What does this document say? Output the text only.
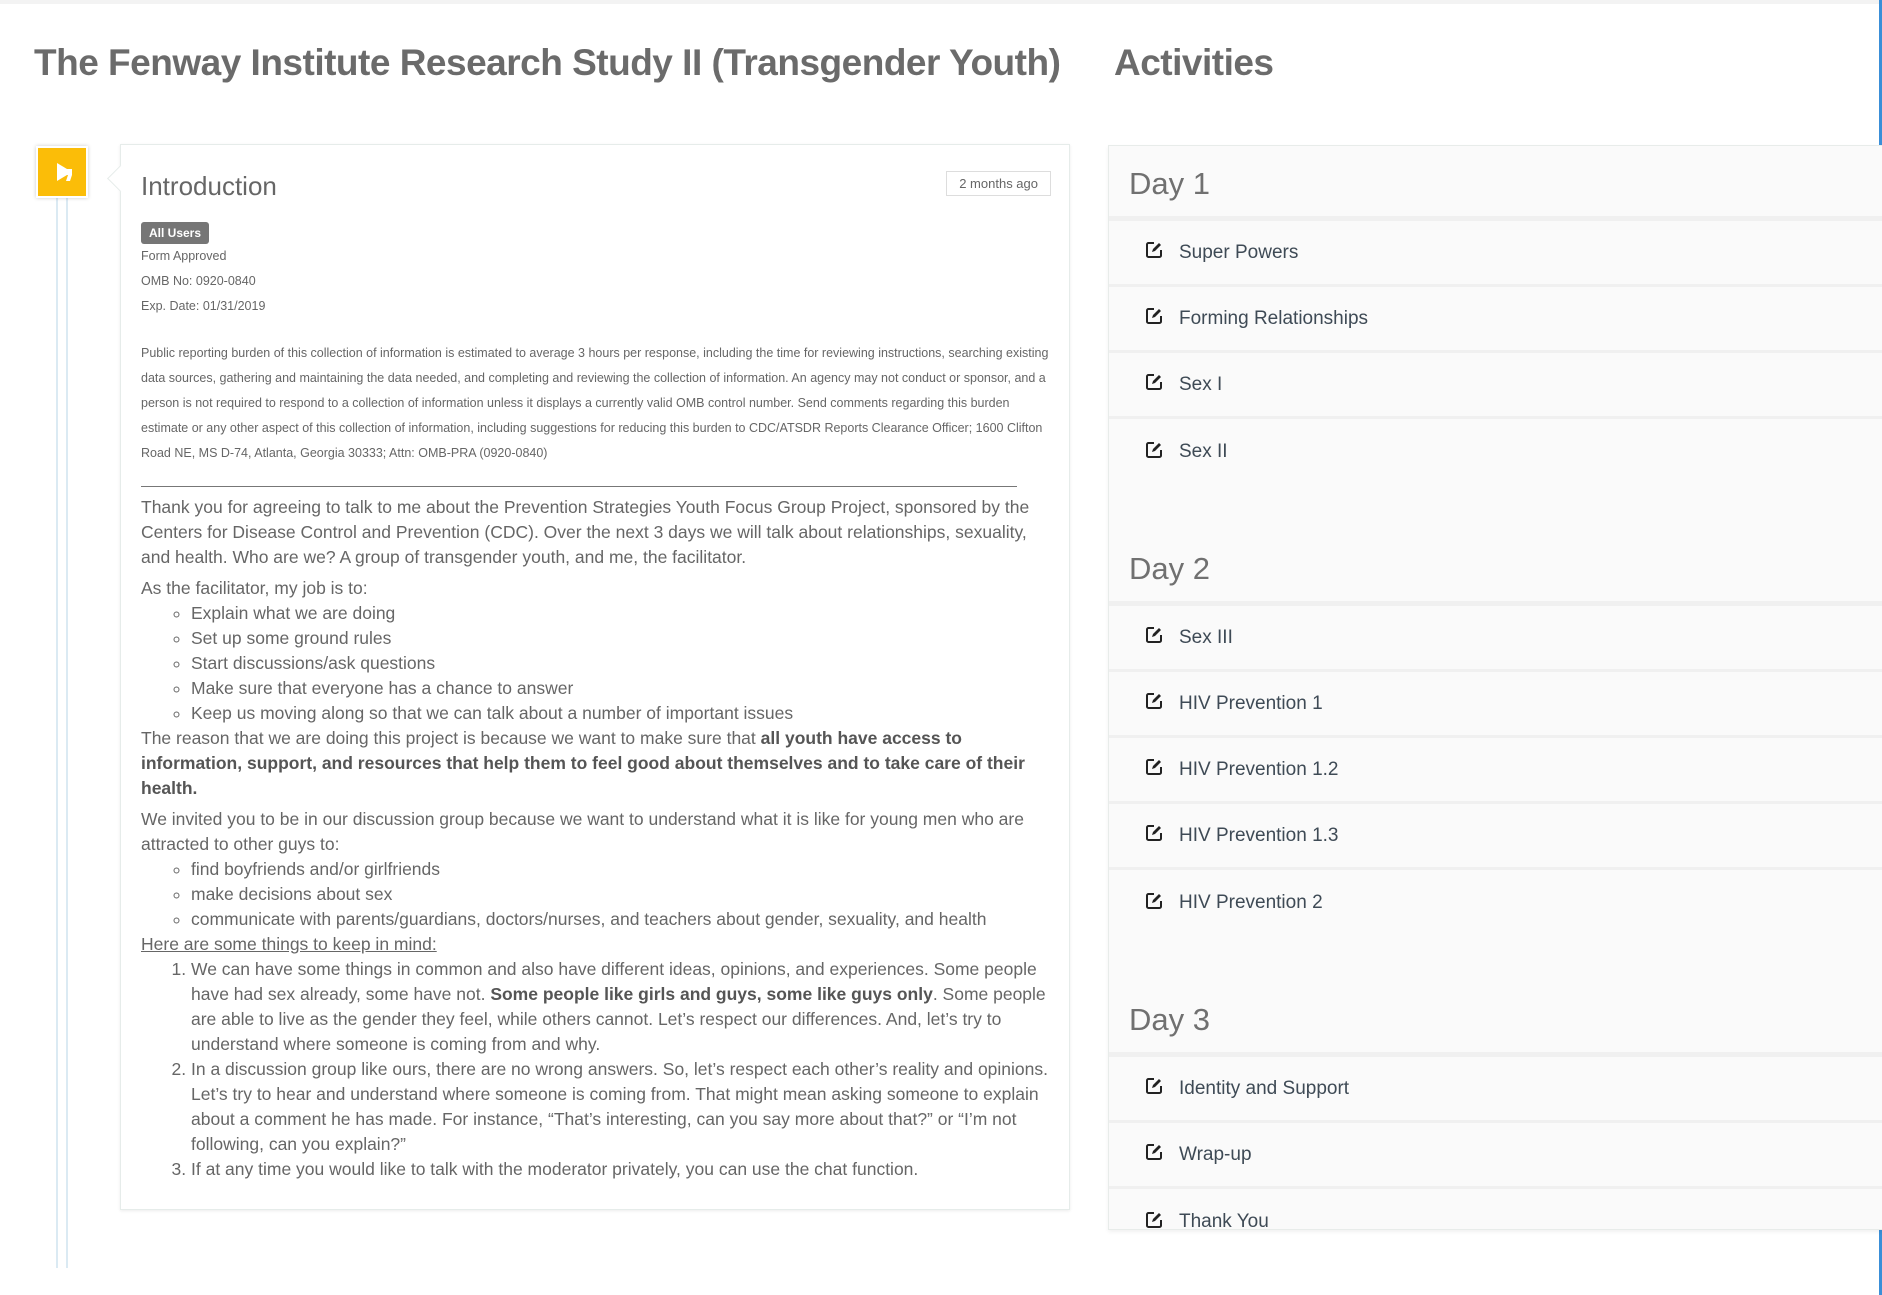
The Fenway Institute Research Study II (Transgender Youth) Activities
Introduction	2 months ago
All Users
Form Approved
OMB No: 0920-0840
Exp. Date: 01/31/2019

Public reporting burden of this collection of information is estimated to average 3 hours per response, including the time for reviewing instructions, searching existing data sources, gathering and maintaining the data needed, and completing and reviewing the collection of information. An agency may not conduct or sponsor, and a person is not required to respond to a collection of information unless it displays a currently valid OMB control number. Send comments regarding this burden estimate or any other aspect of this collection of information, including suggestions for reducing this burden to CDC/ATSDR Reports Clearance Officer; 1600 Clifton Road NE, MS D-74, Atlanta, Georgia 30333; Attn: OMB-PRA (0920-0840)

Thank you for agreeing to talk to me about the Prevention Strategies Youth Focus Group Project, sponsored by the Centers for Disease Control and Prevention (CDC). Over the next 3 days we will talk about relationships, sexuality, and health. Who are we? A group of transgender youth, and me, the facilitator.

As the facilitator, my job is to:
◦ Explain what we are doing
◦ Set up some ground rules
◦ Start discussions/ask questions
◦ Make sure that everyone has a chance to answer
◦ Keep us moving along so that we can talk about a number of important issues

The reason that we are doing this project is because we want to make sure that all youth have access to information, support, and resources that help them to feel good about themselves and to take care of their health.

We invited you to be in our discussion group because we want to understand what it is like for young men who are attracted to other guys to:
◦ find boyfriends and/or girlfriends
◦ make decisions about sex
◦ communicate with parents/guardians, doctors/nurses, and teachers about gender, sexuality, and health
Here are some things to keep in mind:
1. We can have some things in common and also have different ideas, opinions, and experiences. Some people have had sex already, some have not. Some people like girls and guys, some like guys only. Some people are able to live as the gender they feel, while others cannot. Let’s respect our differences. And, let’s try to understand where someone is coming from and why.
2. In a discussion group like ours, there are no wrong answers. So, let’s respect each other’s reality and opinions. Let’s try to hear and understand where someone is coming from. That might mean asking someone to explain about a comment he has made. For instance, “That’s interesting, can you say more about that?” or “I’m not following, can you explain?”
3. If at any time you would like to talk with the moderator privately, you can use the chat function.
Day 1
Super Powers
Forming Relationships
Sex I
Sex II
Day 2
Sex III
HIV Prevention 1
HIV Prevention 1.2
HIV Prevention 1.3
HIV Prevention 2
Day 3
Identity and Support
Wrap-up
Thank You
